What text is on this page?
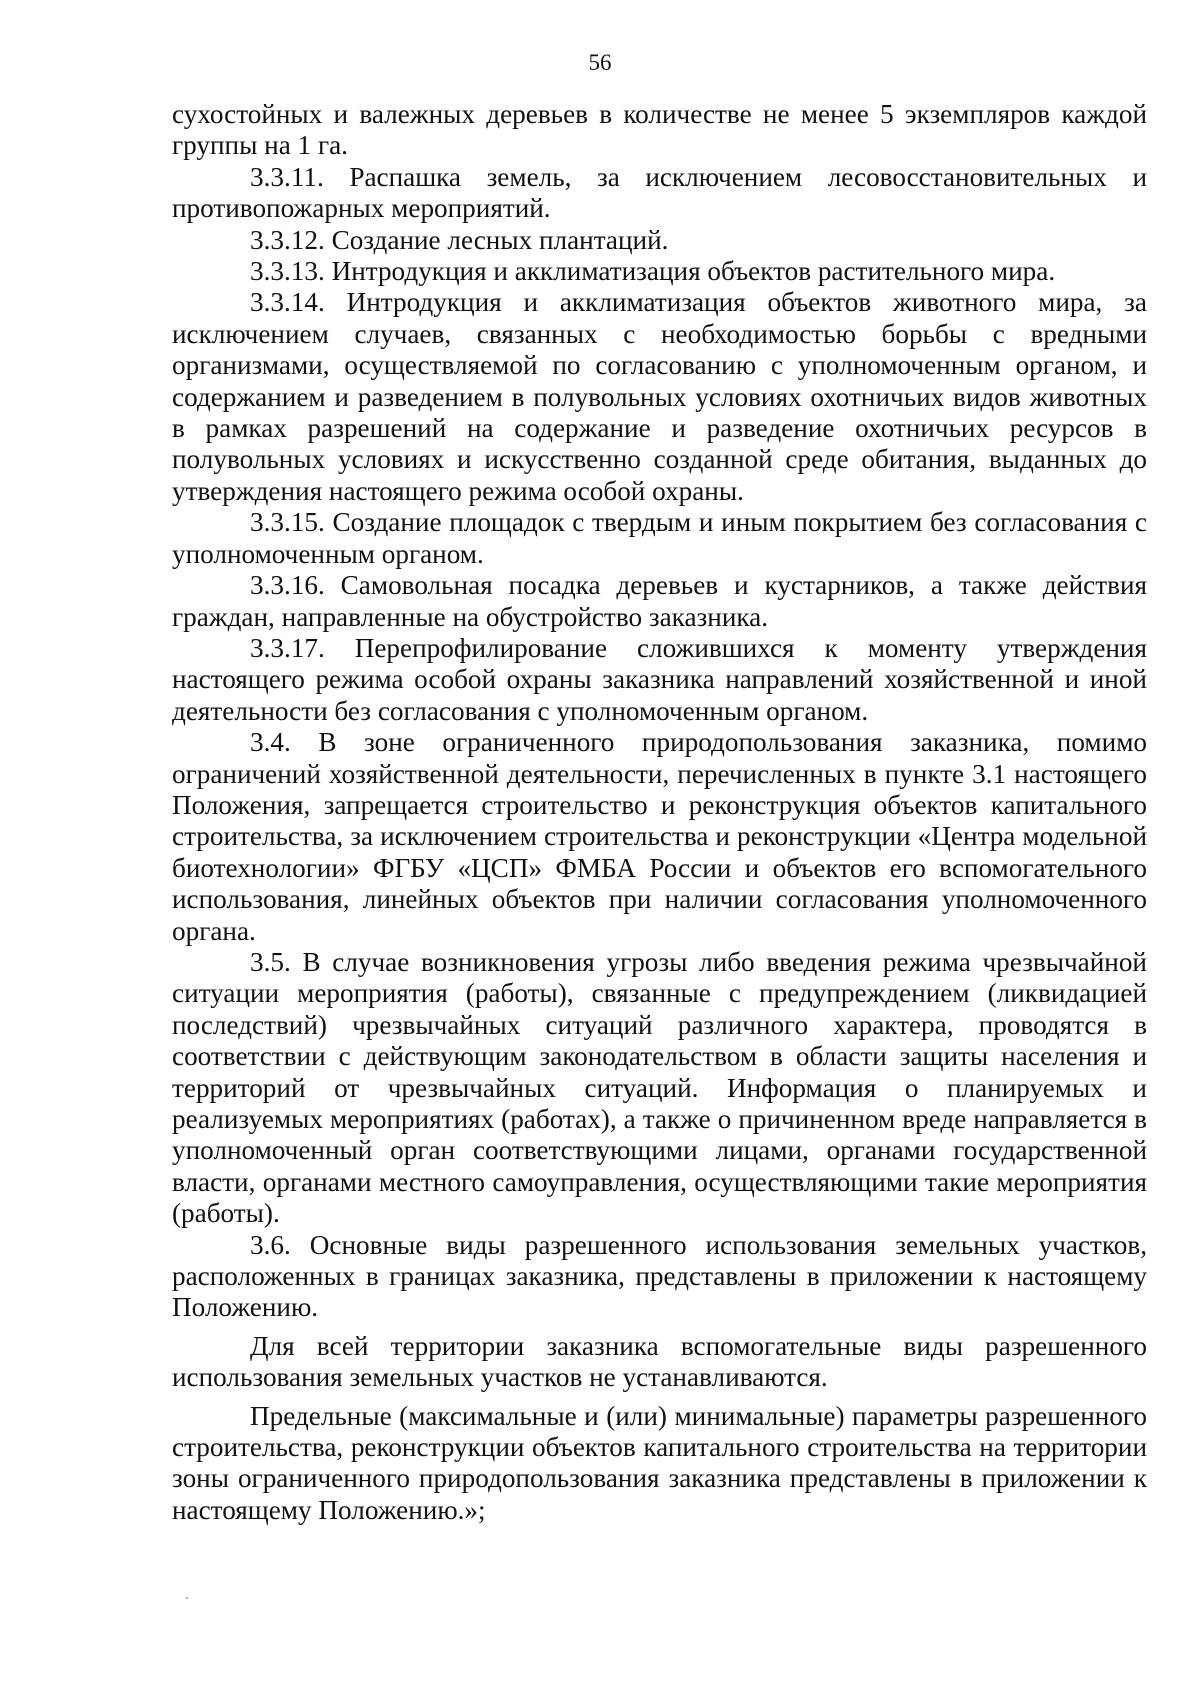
56

сухостойных и валежных деревьев в количестве не менее 5 экземпляров каждой группы на 1 га.

3.3.11. Распашка земель, за исключением лесовосстановительных и противопожарных мероприятий.

3.3.12. Создание лесных плантаций.

3.3.13. Интродукция и акклиматизация объектов растительного мира.

3.3.14. Интродукция и акклиматизация объектов животного мира, за исключением случаев, связанных с необходимостью борьбы с вредными организмами, осуществляемой по согласованию с уполномоченным органом, и содержанием и разведением в полувольных условиях охотничьих видов животных в рамках разрешений на содержание и разведение охотничьих ресурсов в полувольных условиях и искусственно созданной среде обитания, выданных до утверждения настоящего режима особой охраны.

3.3.15. Создание площадок с твердым и иным покрытием без согласования с уполномоченным органом.

3.3.16. Самовольная посадка деревьев и кустарников, а также действия граждан, направленные на обустройство заказника.

3.3.17. Перепрофилирование сложившихся к моменту утверждения настоящего режима особой охраны заказника направлений хозяйственной и иной деятельности без согласования с уполномоченным органом.

3.4. В зоне ограниченного природопользования заказника, помимо ограничений хозяйственной деятельности, перечисленных в пункте 3.1 настоящего Положения, запрещается строительство и реконструкция объектов капитального строительства, за исключением строительства и реконструкции «Центра модельной биотехнологии» ФГБУ «ЦСП» ФМБА России и объектов его вспомогательного использования, линейных объектов при наличии согласования уполномоченного органа.

3.5. В случае возникновения угрозы либо введения режима чрезвычайной ситуации мероприятия (работы), связанные с предупреждением (ликвидацией последствий) чрезвычайных ситуаций различного характера, проводятся в соответствии с действующим законодательством в области защиты населения и территорий от чрезвычайных ситуаций. Информация о планируемых и реализуемых мероприятиях (работах), а также о причиненном вреде направляется в уполномоченный орган соответствующими лицами, органами государственной власти, органами местного самоуправления, осуществляющими такие мероприятия (работы).

3.6. Основные виды разрешенного использования земельных участков, расположенных в границах заказника, представлены в приложении к настоящему Положению.

Для всей территории заказника вспомогательные виды разрешенного использования земельных участков не устанавливаются.

Предельные (максимальные и (или) минимальные) параметры разрешенного строительства, реконструкции объектов капитального строительства на территории зоны ограниченного природопользования заказника представлены в приложении к настоящему Положению.»;
